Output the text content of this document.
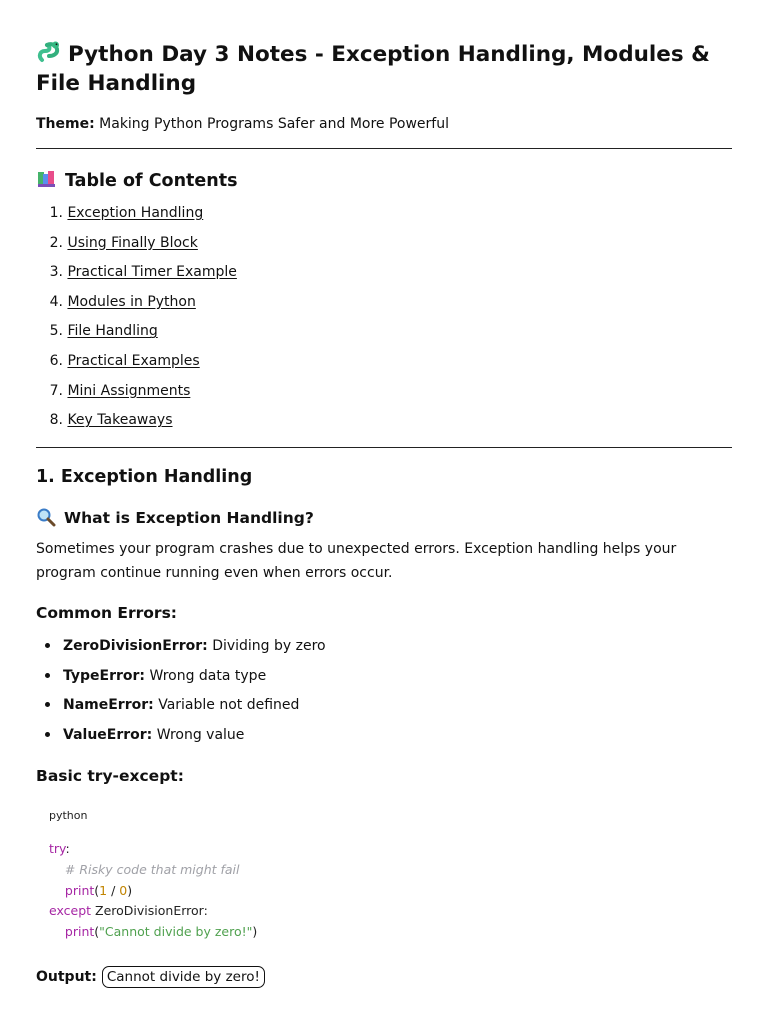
Python Day 3 Notes - Exception Handling, Modules & File Handling
Theme: Making Python Programs Safer and More Powerful
Table of Contents
1. Exception Handling
2. Using Finally Block
3. Practical Timer Example
4. Modules in Python
5. File Handling
6. Practical Examples
7. Mini Assignments
8. Key Takeaways
1. Exception Handling
What is Exception Handling?
Sometimes your program crashes due to unexpected errors. Exception handling helps your program continue running even when errors occur.
Common Errors:
ZeroDivisionError: Dividing by zero
TypeError: Wrong data type
NameError: Variable not defined
ValueError: Wrong value
Basic try-except:
python
try:
# Risky code that might fail
print(1 / 0)
except ZeroDivisionError:
print("Cannot divide by zero!")
Output: Cannot divide by zero!
